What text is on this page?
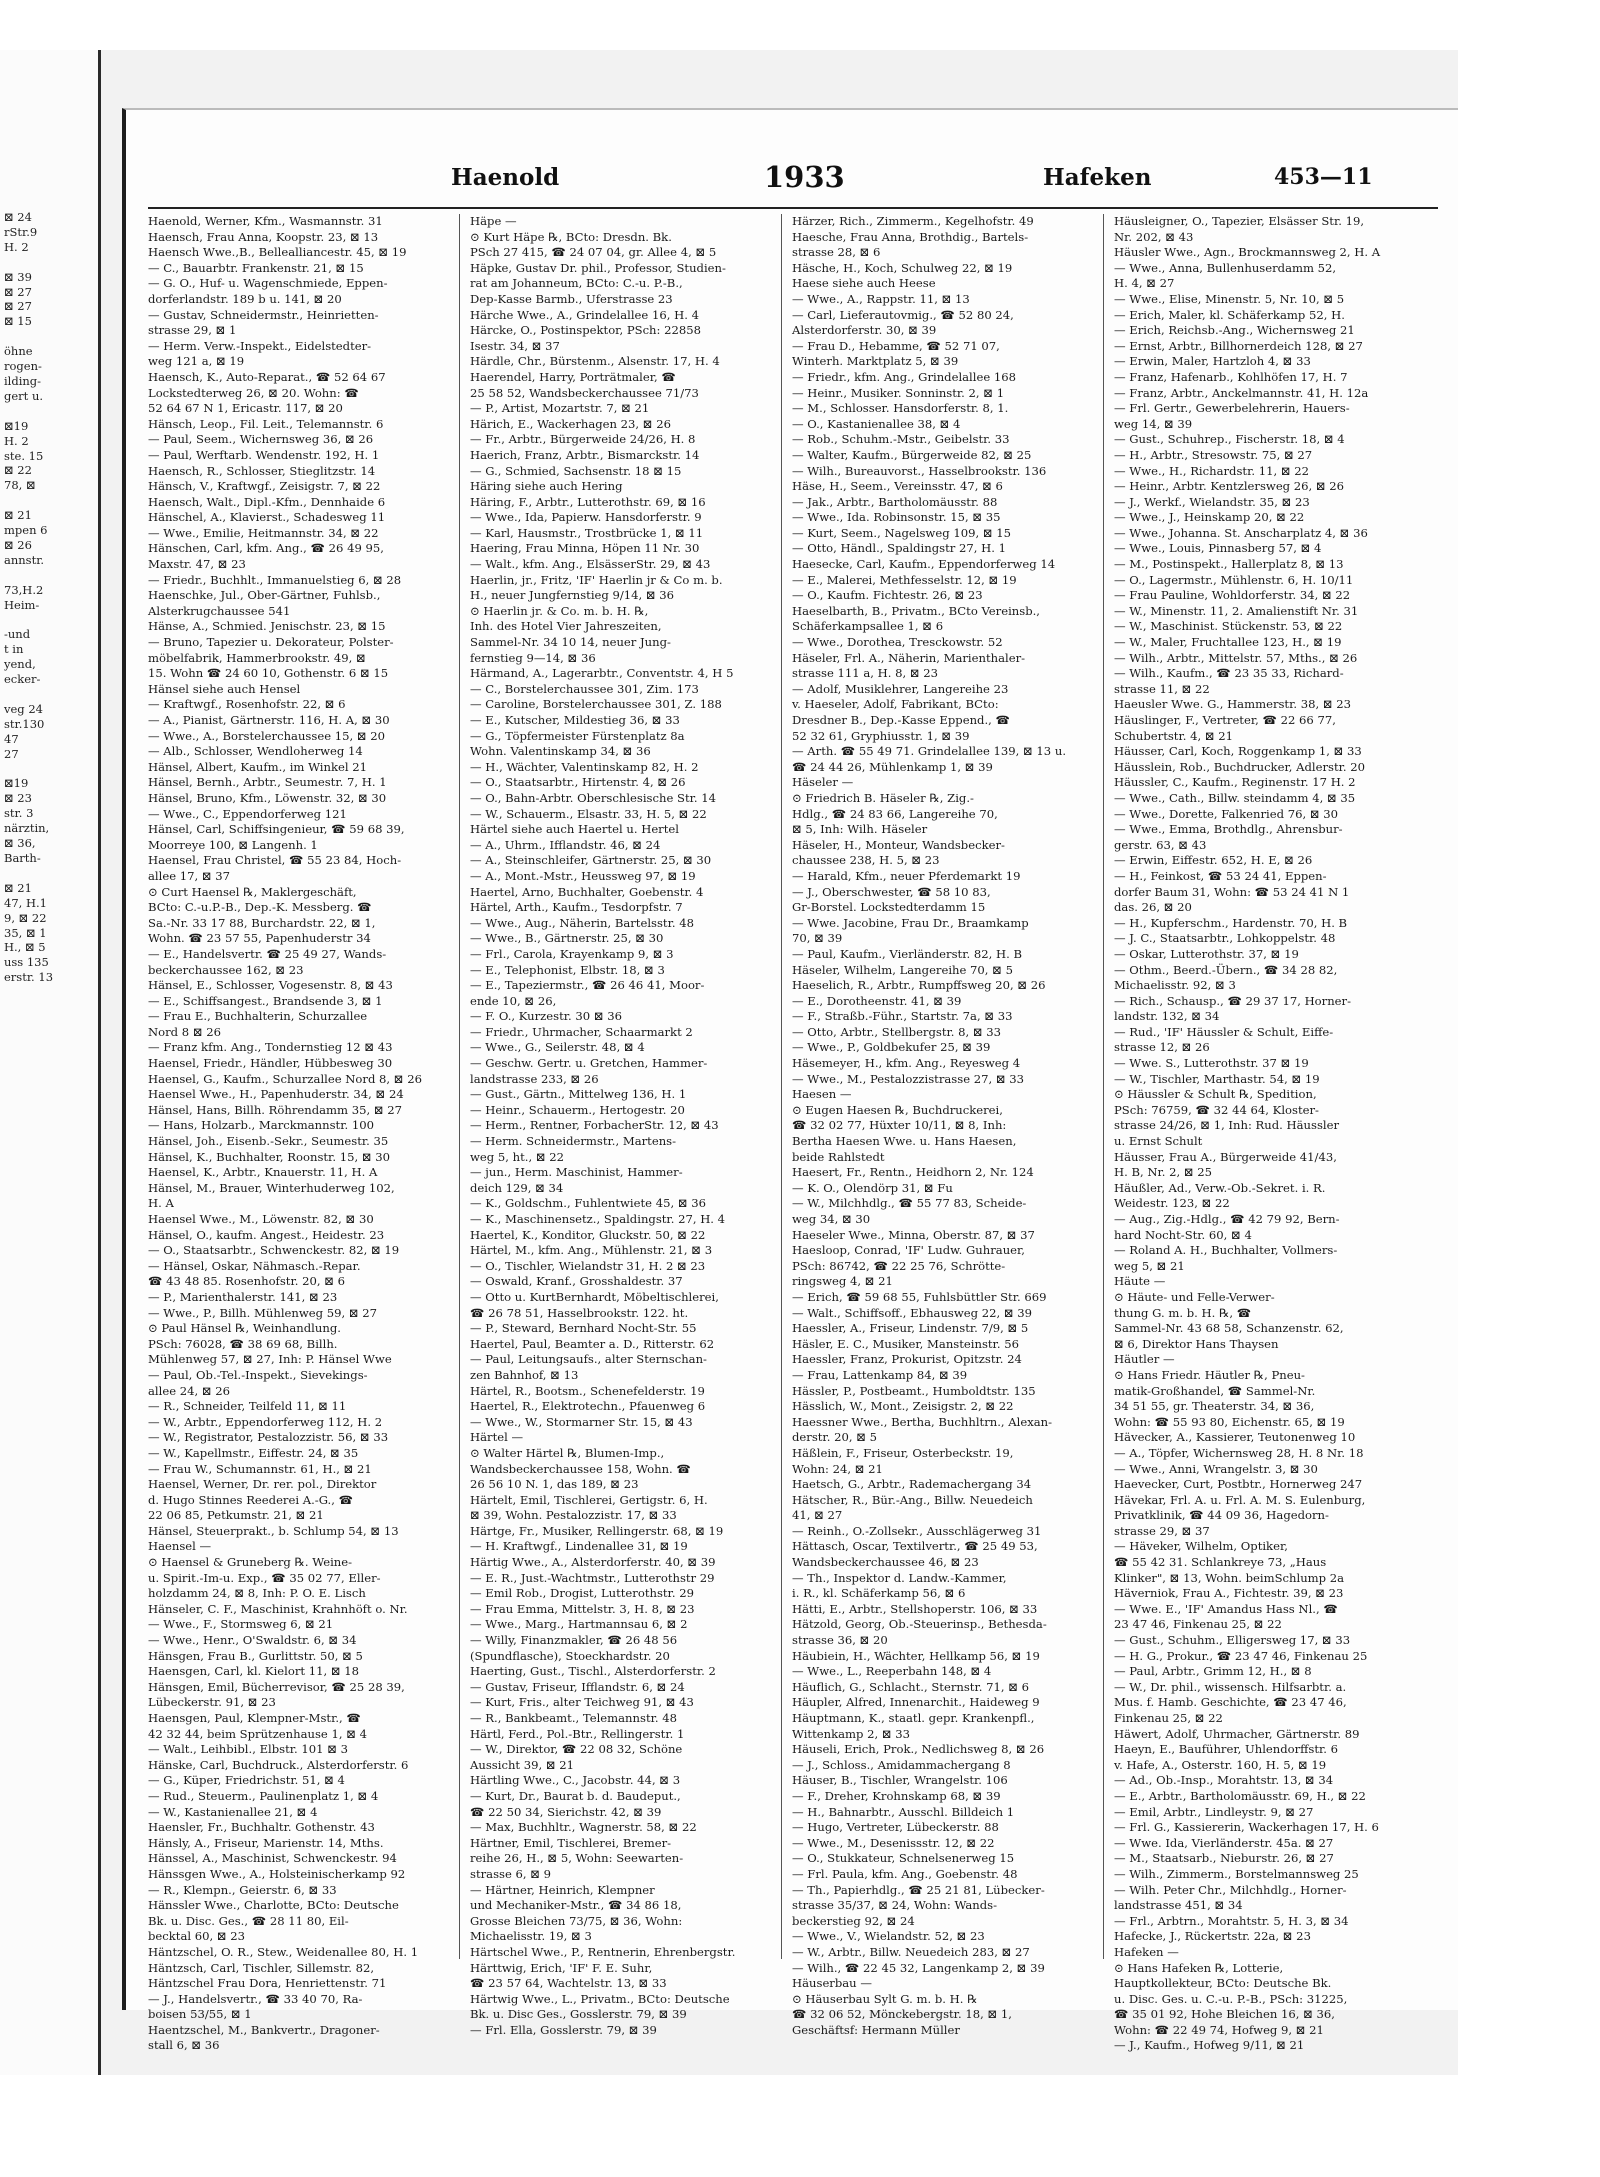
⊠ 24
rStr.9
H. 2

⊠ 39
⊠ 27
⊠ 27
⊠ 15

öhne
rogen-
ilding-
gert u.

⊠19
H. 2
ste. 15
⊠ 22
78, ⊠

⊠ 21
mpen 6
⊠ 26
annstr.

73,H.2
Heim-

-und
t in
yend,
ecker-

veg 24
str.130
47
27

⊠19
⊠ 23
str. 3
närztin,
⊠ 36,
Barth-

⊠ 21
47, H.1
9, ⊠ 22
35, ⊠ 1
H., ⊠ 5
uss 135
erstr. 13
Haenold	1933	Hafeken	453—11

Haenold, Werner, Kfm., Wasmannstr. 31

Haensch, Frau Anna, Koopstr. 23, ⊠ 13

Haensch Wwe.,B., Bellealliancestr. 45, ⊠ 19

— C., Bauarbtr. Frankenstr. 21, ⊠ 15

— G. O., Huf- u. Wagenschmiede, Eppen-

dorferlandstr. 189 b u. 141, ⊠ 20

— Gustav, Schneidermstr., Heinrietten-

strasse 29, ⊠ 1

— Herm. Verw.-Inspekt., Eidelstedter-

weg 121 a, ⊠ 19

Haensch, K., Auto-Reparat., ☎ 52 64 67

Lockstedterweg 26, ⊠ 20. Wohn: ☎

52 64 67 N 1, Ericastr. 117, ⊠ 20

Hänsch, Leop., Fil. Leit., Telemannstr. 6

— Paul, Seem., Wichernsweg 36, ⊠ 26

— Paul, Werftarb. Wendenstr. 192, H. 1

Haensch, R., Schlosser, Stieglitzstr. 14

Hänsch, V., Kraftwgf., Zeisigstr. 7, ⊠ 22

Haensch, Walt., Dipl.-Kfm., Dennhaide 6

Hänschel, A., Klavierst., Schadesweg 11

— Wwe., Emilie, Heitmannstr. 34, ⊠ 22

Hänschen, Carl, kfm. Ang., ☎ 26 49 95,

Maxstr. 47, ⊠ 23

— Friedr., Buchhlt., Immanuelstieg 6, ⊠ 28

Haenschke, Jul., Ober-Gärtner, Fuhlsb.,

Alsterkrugchaussee 541

Hänse, A., Schmied. Jenischstr. 23, ⊠ 15

— Bruno, Tapezier u. Dekorateur, Polster-

möbelfabrik, Hammerbrookstr. 49, ⊠

15. Wohn ☎ 24 60 10, Gothenstr. 6 ⊠ 15

Hänsel siehe auch Hensel

— Kraftwgf., Rosenhofstr. 22, ⊠ 6

— A., Pianist, Gärtnerstr. 116, H. A, ⊠ 30

— Wwe., A., Borstelerchaussee 15, ⊠ 20

— Alb., Schlosser, Wendloherweg 14

Hänsel, Albert, Kaufm., im Winkel 21

Hänsel, Bernh., Arbtr., Seumestr. 7, H. 1

Hänsel, Bruno, Kfm., Löwenstr. 32, ⊠ 30

— Wwe., C., Eppendorferweg 121

Hänsel, Carl, Schiffsingenieur, ☎ 59 68 39,

Moorreye 100, ⊠ Langenh. 1

Haensel, Frau Christel, ☎ 55 23 84, Hoch-

allee 17, ⊠ 37

⊙ Curt Haensel ℞, Maklergeschäft,

BCto: C.-u.P.-B., Dep.-K. Messberg. ☎

Sa.-Nr. 33 17 88, Burchardstr. 22, ⊠ 1,

Wohn. ☎ 23 57 55, Papenhuderstr 34

— E., Handelsvertr. ☎ 25 49 27, Wands-

beckerchaussee 162, ⊠ 23

Hänsel, E., Schlosser, Vogesenstr. 8, ⊠ 43

— E., Schiffsangest., Brandsende 3, ⊠ 1

— Frau E., Buchhalterin, Schurzallee

Nord 8 ⊠ 26

— Franz kfm. Ang., Tondernstieg 12 ⊠ 43

Haensel, Friedr., Händler, Hübbesweg 30

Haensel, G., Kaufm., Schurzallee Nord 8, ⊠ 26

Haensel Wwe., H., Papenhuderstr. 34, ⊠ 24

Hänsel, Hans, Billh. Röhrendamm 35, ⊠ 27

— Hans, Holzarb., Marckmannstr. 100

Hänsel, Joh., Eisenb.-Sekr., Seumestr. 35

Hänsel, K., Buchhalter, Roonstr. 15, ⊠ 30

Haensel, K., Arbtr., Knauerstr. 11, H. A

Hänsel, M., Brauer, Winterhuderweg 102,

H. A

Haensel Wwe., M., Löwenstr. 82, ⊠ 30

Hänsel, O., kaufm. Angest., Heidestr. 23

— O., Staatsarbtr., Schwenckestr. 82, ⊠ 19

— Hänsel, Oskar, Nähmasch.-Repar.

☎ 43 48 85. Rosenhofstr. 20, ⊠ 6

— P., Marienthalerstr. 141, ⊠ 23

— Wwe., P., Billh. Mühlenweg 59, ⊠ 27

⊙ Paul Hänsel ℞, Weinhandlung.

PSch: 76028, ☎ 38 69 68, Billh.

Mühlenweg 57, ⊠ 27, Inh: P. Hänsel Wwe

— Paul, Ob.-Tel.-Inspekt., Sievekings-

allee 24, ⊠ 26

— R., Schneider, Teilfeld 11, ⊠ 11

— W., Arbtr., Eppendorferweg 112, H. 2

— W., Registrator, Pestalozzistr. 56, ⊠ 33

— W., Kapellmstr., Eiffestr. 24, ⊠ 35

— Frau W., Schumannstr. 61, H., ⊠ 21

Haensel, Werner, Dr. rer. pol., Direktor

d. Hugo Stinnes Reederei A.-G., ☎

22 06 85, Petkumstr. 21, ⊠ 21

Hänsel, Steuerprakt., b. Schlump 54, ⊠ 13

Haensel —

⊙ Haensel & Gruneberg ℞. Weine-

u. Spirit.-Im-u. Exp., ☎ 35 02 77, Eller-

holzdamm 24, ⊠ 8, Inh: P. O. E. Lisch

Hänseler, C. F., Maschinist, Krahnhöft o. Nr.

— Wwe., F., Stormsweg 6, ⊠ 21

— Wwe., Henr., O'Swaldstr. 6, ⊠ 34

Hänsgen, Frau B., Gurlittstr. 50, ⊠ 5

Haensgen, Carl, kl. Kielort 11, ⊠ 18

Hänsgen, Emil, Bücherrevisor, ☎ 25 28 39,

Lübeckerstr. 91, ⊠ 23

Haensgen, Paul, Klempner-Mstr., ☎

42 32 44, beim Sprützenhause 1, ⊠ 4

— Walt., Leihbibl., Elbstr. 101 ⊠ 3

Hänske, Carl, Buchdruck., Alsterdorferstr. 6

— G., Küper, Friedrichstr. 51, ⊠ 4

— Rud., Steuerm., Paulinenplatz 1, ⊠ 4

— W., Kastanienallee 21, ⊠ 4

Haensler, Fr., Buchhaltr. Gothenstr. 43

Hänsly, A., Friseur, Marienstr. 14, Mths.

Hänssel, A., Maschinist, Schwenckestr. 94

Hänssgen Wwe., A., Holsteinischerkamp 92

— R., Klempn., Geierstr. 6, ⊠ 33

Hänssler Wwe., Charlotte, BCto: Deutsche

Bk. u. Disc. Ges., ☎ 28 11 80, Eil-

becktal 60, ⊠ 23

Häntzschel, O. R., Stew., Weidenallee 80, H. 1

Häntzsch, Carl, Tischler, Sillemstr. 82,

Häntzschel Frau Dora, Henriettenstr. 71

— J., Handelsvertr., ☎ 33 40 70, Ra-

boisen 53/55, ⊠ 1

Haentzschel, M., Bankvertr., Dragoner-

stall 6, ⊠ 36

Häpe —

⊙ Kurt Häpe ℞, BCto: Dresdn. Bk.

PSch 27 415, ☎ 24 07 04, gr. Allee 4, ⊠ 5

Häpke, Gustav Dr. phil., Professor, Studien-

rat am Johanneum, BCto: C.-u. P.-B.,

Dep-Kasse Barmb., Uferstrasse 23

Härche Wwe., A., Grindelallee 16, H. 4

Härcke, O., Postinspektor, PSch: 22858

Isestr. 34, ⊠ 37

Härdle, Chr., Bürstenm., Alsenstr. 17, H. 4

Haerendel, Harry, Porträtmaler, ☎

25 58 52, Wandsbeckerchaussee 71/73

— P., Artist, Mozartstr. 7, ⊠ 21

Härich, E., Wackerhagen 23, ⊠ 26

— Fr., Arbtr., Bürgerweide 24/26, H. 8

Haerich, Franz, Arbtr., Bismarckstr. 14

— G., Schmied, Sachsenstr. 18 ⊠ 15

Häring siehe auch Hering

Häring, F., Arbtr., Lutterothstr. 69, ⊠ 16

— Wwe., Ida, Papierw. Hansdorferstr. 9

— Karl, Hausmstr., Trostbrücke 1, ⊠ 11

Haering, Frau Minna, Höpen 11 Nr. 30

— Walt., kfm. Ang., ElsässerStr. 29, ⊠ 43

Haerlin, jr., Fritz, 'IF' Haerlin jr & Co m. b.

H., neuer Jungfernstieg 9/14, ⊠ 36

⊙ Haerlin jr. & Co. m. b. H. ℞,

Inh. des Hotel Vier Jahreszeiten,

Sammel-Nr. 34 10 14, neuer Jung-

fernstieg 9—14, ⊠ 36

Härmand, A., Lagerarbtr., Conventstr. 4, H 5

— C., Borstelerchaussee 301, Zim. 173

— Caroline, Borstelerchaussee 301, Z. 188

— E., Kutscher, Mildestieg 36, ⊠ 33

— G., Töpfermeister Fürstenplatz 8a

Wohn. Valentinskamp 34, ⊠ 36

— H., Wächter, Valentinskamp 82, H. 2

— O., Staatsarbtr., Hirtenstr. 4, ⊠ 26

— O., Bahn-Arbtr. Oberschlesische Str. 14

— W., Schauerm., Elsastr. 33, H. 5, ⊠ 22

Härtel siehe auch Haertel u. Hertel

— A., Uhrm., Ifflandstr. 46, ⊠ 24

— A., Steinschleifer, Gärtnerstr. 25, ⊠ 30

— A., Mont.-Mstr., Heussweg 97, ⊠ 19

Haertel, Arno, Buchhalter, Goebenstr. 4

Härtel, Arth., Kaufm., Tesdorpfstr. 7

— Wwe., Aug., Näherin, Bartelsstr. 48

— Wwe., B., Gärtnerstr. 25, ⊠ 30

— Frl., Carola, Krayenkamp 9, ⊠ 3

— E., Telephonist, Elbstr. 18, ⊠ 3

— E., Tapeziermstr., ☎ 26 46 41, Moor-

ende 10, ⊠ 26,

— F. O., Kurzestr. 30 ⊠ 36

— Friedr., Uhrmacher, Schaarmarkt 2

— Wwe., G., Seilerstr. 48, ⊠ 4

— Geschw. Gertr. u. Gretchen, Hammer-

landstrasse 233, ⊠ 26

— Gust., Gärtn., Mittelweg 136, H. 1

— Heinr., Schauerm., Hertogestr. 20

— Herm., Rentner, ForbacherStr. 12, ⊠ 43

— Herm. Schneidermstr., Martens-

weg 5, ht., ⊠ 22

— jun., Herm. Maschinist, Hammer-

deich 129, ⊠ 34

— K., Goldschm., Fuhlentwiete 45, ⊠ 36

— K., Maschinensetz., Spaldingstr. 27, H. 4

Haertel, K., Konditor, Gluckstr. 50, ⊠ 22

Härtel, M., kfm. Ang., Mühlenstr. 21, ⊠ 3

— O., Tischler, Wielandstr 31, H. 2 ⊠ 23

— Oswald, Kranf., Grosshaldestr. 37

— Otto u. KurtBernhardt, Möbeltischlerei,

☎ 26 78 51, Hasselbrookstr. 122. ht.

— P., Steward, Bernhard Nocht-Str. 55

Haertel, Paul, Beamter a. D., Ritterstr. 62

— Paul, Leitungsaufs., alter Sternschan-

zen Bahnhof, ⊠ 13

Härtel, R., Bootsm., Schenefelderstr. 19

Haertel, R., Elektrotechn., Pfauenweg 6

— Wwe., W., Stormarner Str. 15, ⊠ 43

Härtel —

⊙ Walter Härtel ℞, Blumen-Imp.,

Wandsbeckerchaussee 158, Wohn. ☎

26 56 10 N. 1, das 189, ⊠ 23

Härtelt, Emil, Tischlerei, Gertigstr. 6, H.

⊠ 39, Wohn. Pestalozzistr. 17, ⊠ 33

Härtge, Fr., Musiker, Rellingerstr. 68, ⊠ 19

— H. Kraftwgf., Lindenallee 31, ⊠ 19

Härtig Wwe., A., Alsterdorferstr. 40, ⊠ 39

— E. R., Just.-Wachtmstr., Lutterothstr 29

— Emil Rob., Drogist, Lutterothstr. 29

— Frau Emma, Mittelstr. 3, H. 8, ⊠ 23

— Wwe., Marg., Hartmannsau 6, ⊠ 2

— Willy, Finanzmakler, ☎ 26 48 56

(Spundflasche), Stoeckhardstr. 20

Haerting, Gust., Tischl., Alsterdorferstr. 2

— Gustav, Friseur, Ifflandstr. 6, ⊠ 24

— Kurt, Fris., alter Teichweg 91, ⊠ 43

— R., Bankbeamt., Telemannstr. 48

Härtl, Ferd., Pol.-Btr., Rellingerstr. 1

— W., Direktor, ☎ 22 08 32, Schöne

Aussicht 39, ⊠ 21

Härtling Wwe., C., Jacobstr. 44, ⊠ 3

— Kurt, Dr., Baurat b. d. Baudeput.,

☎ 22 50 34, Sierichstr. 42, ⊠ 39

— Max, Buchhltr., Wagnerstr. 58, ⊠ 22

Härtner, Emil, Tischlerei, Bremer-

reihe 26, H., ⊠ 5, Wohn: Seewarten-

strasse 6, ⊠ 9

— Härtner, Heinrich, Klempner

und Mechaniker-Mstr., ☎ 34 86 18,

Grosse Bleichen 73/75, ⊠ 36, Wohn:

Michaelisstr. 19, ⊠ 3

Härtschel Wwe., P., Rentnerin, Ehrenbergstr.

Härttwig, Erich, 'IF' F. E. Suhr,

☎ 23 57 64, Wachtelstr. 13, ⊠ 33

Härtwig Wwe., L., Privatm., BCto: Deutsche

Bk. u. Disc Ges., Gosslerstr. 79, ⊠ 39

— Frl. Ella, Gosslerstr. 79, ⊠ 39

Härzer, Rich., Zimmerm., Kegelhofstr. 49

Haesche, Frau Anna, Brothdig., Bartels-

strasse 28, ⊠ 6

Häsche, H., Koch, Schulweg 22, ⊠ 19

Haese siehe auch Heese

— Wwe., A., Rappstr. 11, ⊠ 13

— Carl, Lieferautovmig., ☎ 52 80 24,

Alsterdorferstr. 30, ⊠ 39

— Frau D., Hebamme, ☎ 52 71 07,

Winterh. Marktplatz 5, ⊠ 39

— Friedr., kfm. Ang., Grindelallee 168

— Heinr., Musiker. Sonninstr. 2, ⊠ 1

— M., Schlosser. Hansdorferstr. 8, 1.

— O., Kastanienallee 38, ⊠ 4

— Rob., Schuhm.-Mstr., Geibelstr. 33

— Walter, Kaufm., Bürgerweide 82, ⊠ 25

— Wilh., Bureauvorst., Hasselbrookstr. 136

Häse, H., Seem., Vereinsstr. 47, ⊠ 6

— Jak., Arbtr., Bartholomäusstr. 88

— Wwe., Ida. Robinsonstr. 15, ⊠ 35

— Kurt, Seem., Nagelsweg 109, ⊠ 15

— Otto, Händl., Spaldingstr 27, H. 1

Haesecke, Carl, Kaufm., Eppendorferweg 14

— E., Malerei, Methfesselstr. 12, ⊠ 19

— O., Kaufm. Fichtestr. 26, ⊠ 23

Haeselbarth, B., Privatm., BCto Vereinsb.,

Schäferkampsallee 1, ⊠ 6

— Wwe., Dorothea, Tresckowstr. 52

Häseler, Frl. A., Näherin, Marienthaler-

strasse 111 a, H. 8, ⊠ 23

— Adolf, Musiklehrer, Langereihe 23

v. Haeseler, Adolf, Fabrikant, BCto:

Dresdner B., Dep.-Kasse Eppend., ☎

52 32 61, Gryphiusstr. 1, ⊠ 39

— Arth. ☎ 55 49 71. Grindelallee 139, ⊠ 13 u.

☎ 24 44 26, Mühlenkamp 1, ⊠ 39

Häseler —

⊙ Friedrich B. Häseler ℞, Zig.-

Hdlg., ☎ 24 83 66, Langereihe 70,

⊠ 5, Inh: Wilh. Häseler

Häseler, H., Monteur, Wandsbecker-

chaussee 238, H. 5, ⊠ 23

— Harald, Kfm., neuer Pferdemarkt 19

— J., Oberschwester, ☎ 58 10 83,

Gr-Borstel. Lockstedterdamm 15

— Wwe. Jacobine, Frau Dr., Braamkamp

70, ⊠ 39

— Paul, Kaufm., Vierländerstr. 82, H. B

Häseler, Wilhelm, Langereihe 70, ⊠ 5

Haeselich, R., Arbtr., Rumpffsweg 20, ⊠ 26

— E., Dorotheenstr. 41, ⊠ 39

— F., Straßb.-Führ., Startstr. 7a, ⊠ 33

— Otto, Arbtr., Stellbergstr. 8, ⊠ 33

— Wwe., P., Goldbekufer 25, ⊠ 39

Häsemeyer, H., kfm. Ang., Reyesweg 4

— Wwe., M., Pestalozzistrasse 27, ⊠ 33

Haesen —

⊙ Eugen Haesen ℞, Buchdruckerei,

☎ 32 02 77, Hüxter 10/11, ⊠ 8, Inh:

Bertha Haesen Wwe. u. Hans Haesen,

beide Rahlstedt

Haesert, Fr., Rentn., Heidhorn 2, Nr. 124

— K. O., Olendörp 31, ⊠ Fu

— W., Milchhdlg., ☎ 55 77 83, Scheide-

weg 34, ⊠ 30

Haeseler Wwe., Minna, Oberstr. 87, ⊠ 37

Haesloop, Conrad, 'IF' Ludw. Guhrauer,

PSch: 86742, ☎ 22 25 76, Schrötte-

ringsweg 4, ⊠ 21

— Erich, ☎ 59 68 55, Fuhlsbüttler Str. 669

— Walt., Schiffsoff., Ebhausweg 22, ⊠ 39

Haessler, A., Friseur, Lindenstr. 7/9, ⊠ 5

Häsler, E. C., Musiker, Mansteinstr. 56

Haessler, Franz, Prokurist, Opitzstr. 24

— Frau, Lattenkamp 84, ⊠ 39

Hässler, P., Postbeamt., Humboldtstr. 135

Hässlich, W., Mont., Zeisigstr. 2, ⊠ 22

Haessner Wwe., Bertha, Buchhltrn., Alexan-

derstr. 20, ⊠ 5

Häßlein, F., Friseur, Osterbeckstr. 19,

Wohn: 24, ⊠ 21

Haetsch, G., Arbtr., Rademachergang 34

Hätscher, R., Bür.-Ang., Billw. Neuedeich

41, ⊠ 27

— Reinh., O.-Zollsekr., Ausschlägerweg 31

Hättasch, Oscar, Textilvertr., ☎ 25 49 53,

Wandsbeckerchaussee 46, ⊠ 23

— Th., Inspektor d. Landw.-Kammer,

i. R., kl. Schäferkamp 56, ⊠ 6

Hätti, E., Arbtr., Stellshoperstr. 106, ⊠ 33

Hätzold, Georg, Ob.-Steuerinsp., Bethesda-

strasse 36, ⊠ 20

Häubiein, H., Wächter, Hellkamp 56, ⊠ 19

— Wwe., L., Reeperbahn 148, ⊠ 4

Häuflich, G., Schlacht., Sternstr. 71, ⊠ 6

Häupler, Alfred, Innenarchit., Haideweg 9

Häuptmann, K., staatl. gepr. Krankenpfl.,

Wittenkamp 2, ⊠ 33

Häuseli, Erich, Prok., Nedlichsweg 8, ⊠ 26

— J., Schloss., Amidammachergang 8

Häuser, B., Tischler, Wrangelstr. 106

— F., Dreher, Krohnskamp 68, ⊠ 39

— H., Bahnarbtr., Ausschl. Billdeich 1

— Hugo, Vertreter, Lübeckerstr. 88

— Wwe., M., Desenissstr. 12, ⊠ 22

— O., Stukkateur, Schnelsenerweg 15

— Frl. Paula, kfm. Ang., Goebenstr. 48

— Th., Papierhdlg., ☎ 25 21 81, Lübecker-

strasse 35/37, ⊠ 24, Wohn: Wands-

beckerstieg 92, ⊠ 24

— Wwe., V., Wielandstr. 52, ⊠ 23

— W., Arbtr., Billw. Neuedeich 283, ⊠ 27

— Wilh., ☎ 22 45 32, Langenkamp 2, ⊠ 39

Häuserbau —

⊙ Häuserbau Sylt G. m. b. H. ℞

☎ 32 06 52, Mönckebergstr. 18, ⊠ 1,

Geschäftsf: Hermann Müller

Häusleigner, O., Tapezier, Elsässer Str. 19,

Nr. 202, ⊠ 43

Häusler Wwe., Agn., Brockmannsweg 2, H. A

— Wwe., Anna, Bullenhuserdamm 52,

H. 4, ⊠ 27

— Wwe., Elise, Minenstr. 5, Nr. 10, ⊠ 5

— Erich, Maler, kl. Schäferkamp 52, H.

— Erich, Reichsb.-Ang., Wichernsweg 21

— Ernst, Arbtr., Billhornerdeich 128, ⊠ 27

— Erwin, Maler, Hartzloh 4, ⊠ 33

— Franz, Hafenarb., Kohlhöfen 17, H. 7

— Franz, Arbtr., Anckelmannstr. 41, H. 12a

— Frl. Gertr., Gewerbelehrerin, Hauers-

weg 14, ⊠ 39

— Gust., Schuhrep., Fischerstr. 18, ⊠ 4

— H., Arbtr., Stresowstr. 75, ⊠ 27

— Wwe., H., Richardstr. 11, ⊠ 22

— Heinr., Arbtr. Kentzlersweg 26, ⊠ 26

— J., Werkf., Wielandstr. 35, ⊠ 23

— Wwe., J., Heinskamp 20, ⊠ 22

— Wwe., Johanna. St. Anscharplatz 4, ⊠ 36

— Wwe., Louis, Pinnasberg 57, ⊠ 4

— M., Postinspekt., Hallerplatz 8, ⊠ 13

— O., Lagermstr., Mühlenstr. 6, H. 10/11

— Frau Pauline, Wohldorferstr. 34, ⊠ 22

— W., Minenstr. 11, 2. Amalienstift Nr. 31

— W., Maschinist. Stückenstr. 53, ⊠ 22

— W., Maler, Fruchtallee 123, H., ⊠ 19

— Wilh., Arbtr., Mittelstr. 57, Mths., ⊠ 26

— Wilh., Kaufm., ☎ 23 35 33, Richard-

strasse 11, ⊠ 22

Haeusler Wwe. G., Hammerstr. 38, ⊠ 23

Häuslinger, F., Vertreter, ☎ 22 66 77,

Schubertstr. 4, ⊠ 21

Häusser, Carl, Koch, Roggenkamp 1, ⊠ 33

Häusslein, Rob., Buchdrucker, Adlerstr. 20

Häussler, C., Kaufm., Reginenstr. 17 H. 2

— Wwe., Cath., Billw. steindamm 4, ⊠ 35

— Wwe., Dorette, Falkenried 76, ⊠ 30

— Wwe., Emma, Brothdlg., Ahrensbur-

gerstr. 63, ⊠ 43

— Erwin, Eiffestr. 652, H. E, ⊠ 26

— H., Feinkost, ☎ 53 24 41, Eppen-

dorfer Baum 31, Wohn: ☎ 53 24 41 N 1

das. 26, ⊠ 20

— H., Kupferschm., Hardenstr. 70, H. B

— J. C., Staatsarbtr., Lohkoppelstr. 48

— Oskar, Lutterothstr. 37, ⊠ 19

— Othm., Beerd.-Übern., ☎ 34 28 82,

Michaelisstr. 92, ⊠ 3

— Rich., Schausp., ☎ 29 37 17, Horner-

landstr. 132, ⊠ 34

— Rud., 'IF' Häussler & Schult, Eiffe-

strasse 12, ⊠ 26

— Wwe. S., Lutterothstr. 37 ⊠ 19

— W., Tischler, Marthastr. 54, ⊠ 19

⊙ Häussler & Schult ℞, Spedition,

PSch: 76759, ☎ 32 44 64, Kloster-

strasse 24/26, ⊠ 1, Inh: Rud. Häussler

u. Ernst Schult

Häusser, Frau A., Bürgerweide 41/43,

H. B, Nr. 2, ⊠ 25

Häußler, Ad., Verw.-Ob.-Sekret. i. R.

Weidestr. 123, ⊠ 22

— Aug., Zig.-Hdlg., ☎ 42 79 92, Bern-

hard Nocht-Str. 60, ⊠ 4

— Roland A. H., Buchhalter, Vollmers-

weg 5, ⊠ 21

Häute —

⊙ Häute- und Felle-Verwer-

thung G. m. b. H. ℞, ☎

Sammel-Nr. 43 68 58, Schanzenstr. 62,

⊠ 6, Direktor Hans Thaysen

Häutler —

⊙ Hans Friedr. Häutler ℞, Pneu-

matik-Großhandel, ☎ Sammel-Nr.

34 51 55, gr. Theaterstr. 34, ⊠ 36,

Wohn: ☎ 55 93 80, Eichenstr. 65, ⊠ 19

Hävecker, A., Kassierer, Teutonenweg 10

— A., Töpfer, Wichernsweg 28, H. 8 Nr. 18

— Wwe., Anni, Wrangelstr. 3, ⊠ 30

Haevecker, Curt, Postbtr., Hornerweg 247

Hävekar, Frl. A. u. Frl. A. M. S. Eulenburg,

Privatklinik, ☎ 44 09 36, Hagedorn-

strasse 29, ⊠ 37

— Häveker, Wilhelm, Optiker,

☎ 55 42 31. Schlankreye 73, „Haus

Klinker", ⊠ 13, Wohn. beimSchlump 2a

Häverniok, Frau A., Fichtestr. 39, ⊠ 23

— Wwe. E., 'IF' Amandus Hass Nl., ☎

23 47 46, Finkenau 25, ⊠ 22

— Gust., Schuhm., Elligersweg 17, ⊠ 33

— H. G., Prokur., ☎ 23 47 46, Finkenau 25

— Paul, Arbtr., Grimm 12, H., ⊠ 8

— W., Dr. phil., wissensch. Hilfsarbtr. a.

Mus. f. Hamb. Geschichte, ☎ 23 47 46,

Finkenau 25, ⊠ 22

Häwert, Adolf, Uhrmacher, Gärtnerstr. 89

Haeyn, E., Bauführer, Uhlendorffstr. 6

v. Hafe, A., Osterstr. 160, H. 5, ⊠ 19

— Ad., Ob.-Insp., Morahtstr. 13, ⊠ 34

— E., Arbtr., Bartholomäusstr. 69, H., ⊠ 22

— Emil, Arbtr., Lindleystr. 9, ⊠ 27

— Frl. G., Kassiererin, Wackerhagen 17, H. 6

— Wwe. Ida, Vierländerstr. 45a. ⊠ 27

— M., Staatsarb., Nieburstr. 26, ⊠ 27

— Wilh., Zimmerm., Borstelmannsweg 25

— Wilh. Peter Chr., Milchhdlg., Horner-

landstrasse 451, ⊠ 34

— Frl., Arbtrn., Morahtstr. 5, H. 3, ⊠ 34

Hafecke, J., Rückertstr. 22a, ⊠ 23

Hafeken —

⊙ Hans Hafeken ℞, Lotterie,

Hauptkollekteur, BCto: Deutsche Bk.

u. Disc. Ges. u. C.-u. P.-B., PSch: 31225,

☎ 35 01 92, Hohe Bleichen 16, ⊠ 36,

Wohn: ☎ 22 49 74, Hofweg 9, ⊠ 21

— J., Kaufm., Hofweg 9/11, ⊠ 21
